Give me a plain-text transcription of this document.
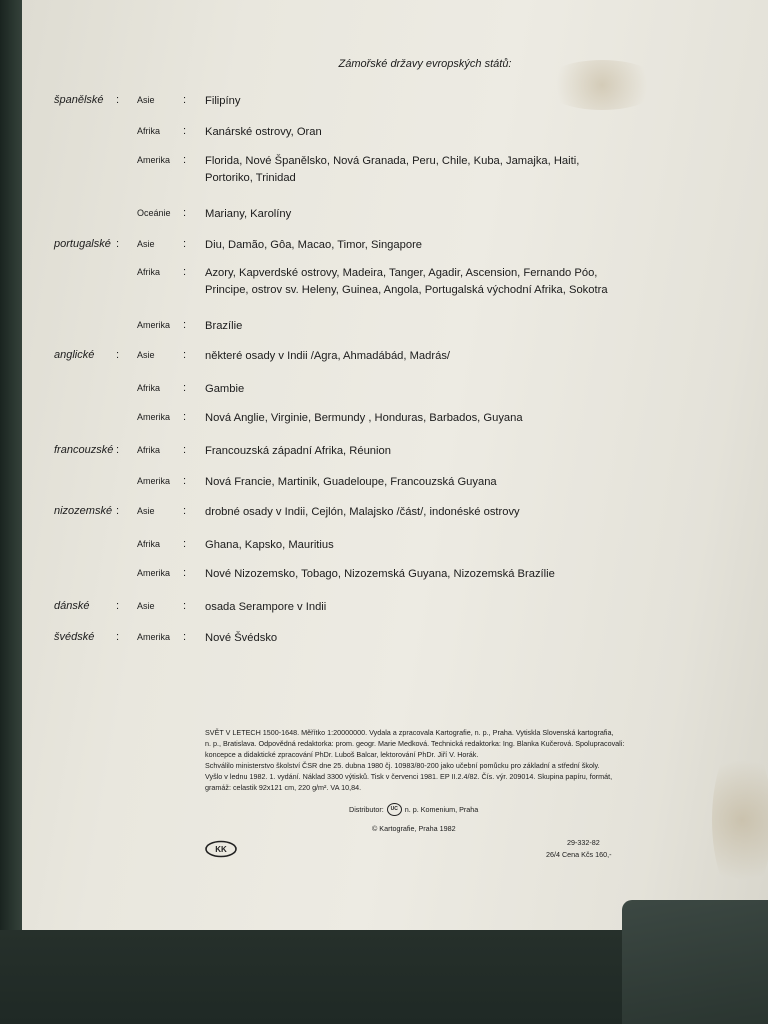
Zámořské državy evropských států:
španělské : Asie	: Filipíny
Afrika : Kanárské ostrovy, Oran
Amerika : Florida, Nové Španělsko, Nová Granada, Peru, Chile, Kuba, Jamajka, Haiti,
Portoriko, Trinidad
Oceánie : Mariany, Karolíny
portugalské : Asie	: Diu, Damão, Gôa, Macao, Timor, Singapore
Afrika : Azory, Kapverdské ostrovy, Madeira, Tanger, Agadir, Ascension, Fernando Póo,
Principe, ostrov sv. Heleny, Guinea, Angola, Portugalská východní Afrika, Sokotra
Amerika : Brazílie
anglické : Asie	: některé osady v Indii /Agra, Ahmadábád, Madrás/
Afrika : Gambie
Amerika : Nová Anglie, Virginie, Bermundy , Honduras, Barbados, Guyana
francouzské : Afrika : Francouzská západní Afrika, Réunion
Amerika : Nová Francie, Martinik, Guadeloupe, Francouzská Guyana
nizozemské : Asie	: drobné osady v Indii, Cejlón, Malajsko /část/, indonéské ostrovy
Afrika : Ghana, Kapsko, Mauritius
Amerika : Nové Nizozemsko, Tobago, Nizozemská Guyana, Nizozemská Brazílie
dánské : Asie	: osada Serampore v Indii
švédské : Amerika : Nové Švédsko
SVĚT V LETECH 1500-1648. Měřítko 1:20000000. Vydala a zpracovala Kartografie, n. p., Praha. Vytiskla Slovenská kartografia,
n. p., Bratislava. Odpovědná redaktorka: prom. geogr. Marie Medková. Technická redaktorka: Ing. Blanka Kučerová. Spolupracovali:
koncepce a didaktické zpracování PhDr. Luboš Balcar, lektorování PhDr. Jiří V. Horák.
Schválilo ministerstvo školství ČSR dne 25. dubna 1980 čj. 10983/80-200 jako učební pomůcku pro základní a střední školy.
Vyšlo v lednu 1982. 1. vydání. Náklad 3300 výtisků. Tisk v červenci 1981. EP II.2.4/82. Čís. výr. 209014. Skupina papíru, formát,
gramáž: celastik 92x121 cm, 220 g/m². VA 10,84.
Distributor:	UC n. p. Komenium, Praha
© Kartografie, Praha 1982
29-332-82
26/4 Cena Kčs 160,-
KK
